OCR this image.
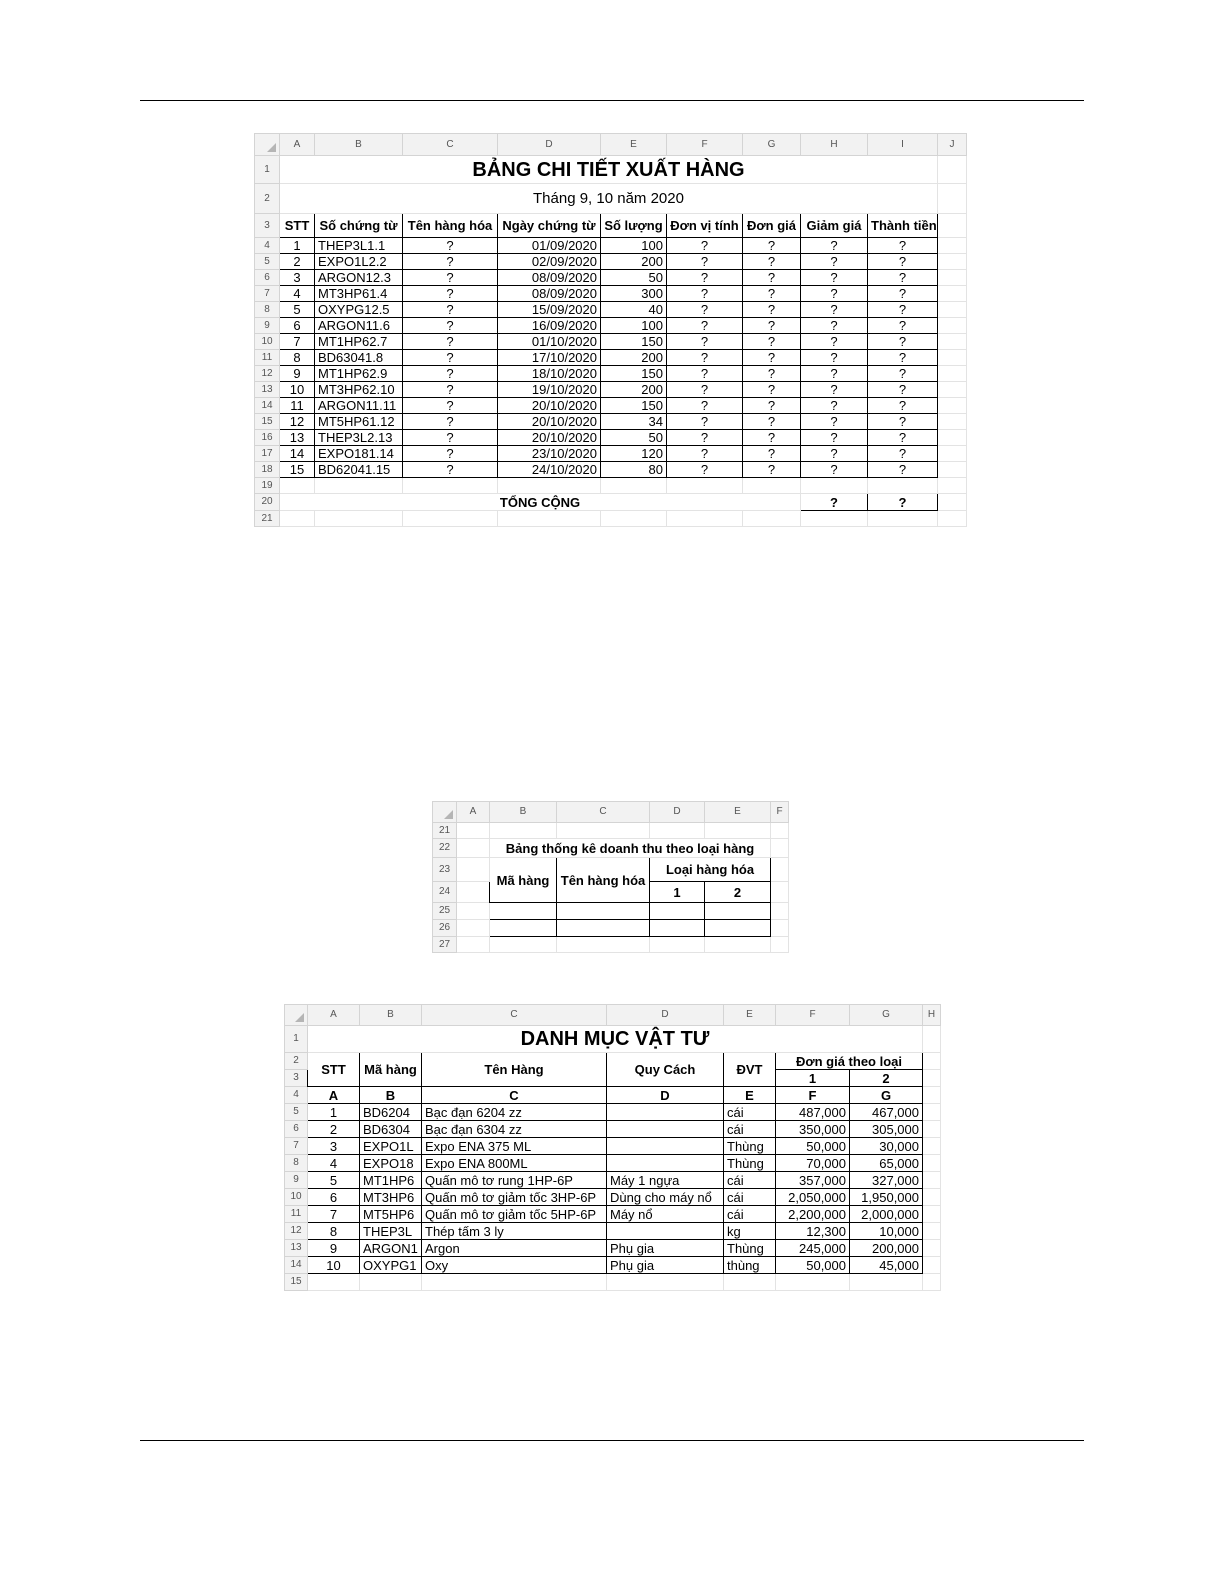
	A	B	C	D	E	F	G	H	I	J
1	BẢNG CHI TIẾT XUẤT HÀNG									
2	Tháng 9, 10 năm 2020									
3	STT	Số chứng từ	Tên hàng hóa	Ngày chứng từ	Số lượng	Đơn vị tính	Đơn giá	Giảm giá	Thành tiền	
4	1	THEP3L1.1	?	01/09/2020	100	?	?	?	?	
5	2	EXPO1L2.2	?	02/09/2020	200	?	?	?	?	
6	3	ARGON12.3	?	08/09/2020	50	?	?	?	?	
7	4	MT3HP61.4	?	08/09/2020	300	?	?	?	?	
8	5	OXYPG12.5	?	15/09/2020	40	?	?	?	?	
9	6	ARGON11.6	?	16/09/2020	100	?	?	?	?	
10	7	MT1HP62.7	?	01/10/2020	150	?	?	?	?	
11	8	BD63041.8	?	17/10/2020	200	?	?	?	?	
12	9	MT1HP62.9	?	18/10/2020	150	?	?	?	?	
13	10	MT3HP62.10	?	19/10/2020	200	?	?	?	?	
14	11	ARGON11.11	?	20/10/2020	150	?	?	?	?	
15	12	MT5HP61.12	?	20/10/2020	34	?	?	?	?	
16	13	THEP3L2.13	?	20/10/2020	50	?	?	?	?	
17	14	EXPO181.14	?	23/10/2020	120	?	?	?	?	
18	15	BD62041.15	?	24/10/2020	80	?	?	?	?	
19										
20	TỔNG CỘNG							?	?	
21										
	A	B	C	D	E	F
21						
22		Bảng thống kê doanh thu theo loại hàng				
23		Mã hàng	Tên hàng hóa	Loại hàng hóa		
24				1	2	
25						
26						
27						
	A	B	C	D	E	F	G	H
1	DANH MỤC VẬT TƯ							
2	STT	Mã hàng	Tên Hàng	Quy Cách	ĐVT	Đơn giá theo loại		
3						1	2	
4	A	B	C	D	E	F	G	
5	1	BD6204	Bạc đạn 6204 zz		cái	487,000	467,000	
6	2	BD6304	Bạc đạn 6304 zz		cái	350,000	305,000	
7	3	EXPO1L	Expo ENA 375 ML		Thùng	50,000	30,000	
8	4	EXPO18	Expo ENA 800ML		Thùng	70,000	65,000	
9	5	MT1HP6	Quấn mô tơ rung 1HP-6P	Máy 1 ngựa	cái	357,000	327,000	
10	6	MT3HP6	Quấn mô tơ giảm tốc 3HP-6P	Dùng cho máy nổ	cái	2,050,000	1,950,000	
11	7	MT5HP6	Quấn mô tơ giảm tốc 5HP-6P	Máy nổ	cái	2,200,000	2,000,000	
12	8	THEP3L	Thép tấm 3 ly		kg	12,300	10,000	
13	9	ARGON1	Argon	Phụ gia	Thùng	245,000	200,000	
14	10	OXYPG1	Oxy	Phụ gia	thùng	50,000	45,000	
15								
